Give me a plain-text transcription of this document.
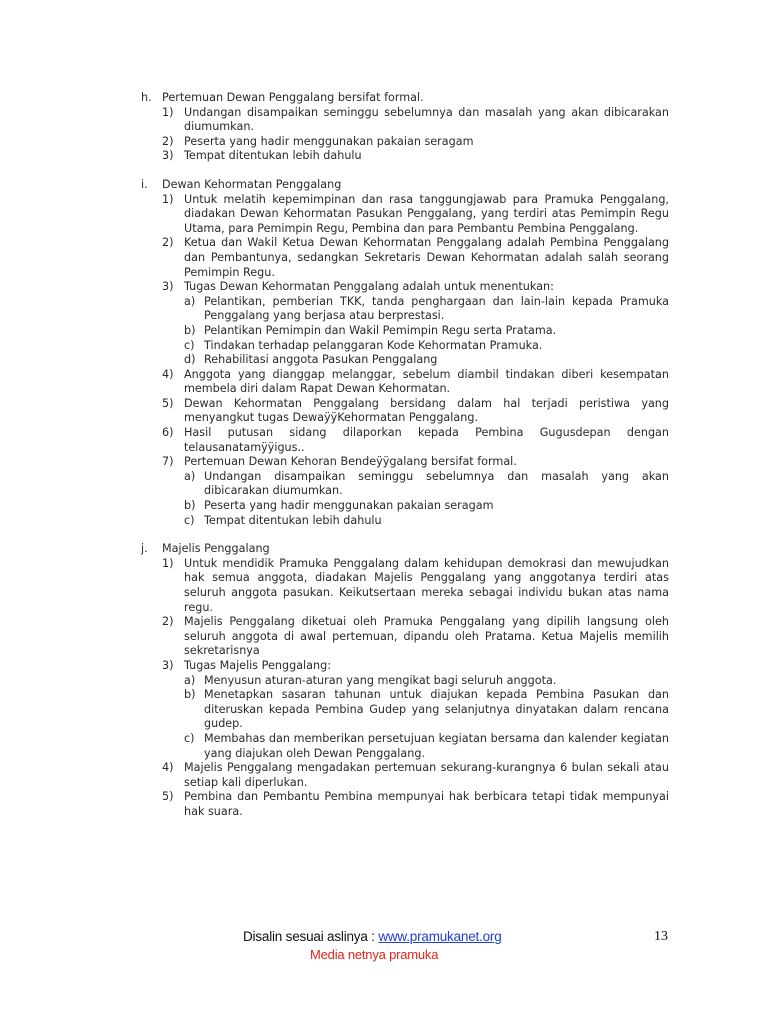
h. Pertemuan Dewan Penggalang bersifat formal.
1) Undangan disampaikan seminggu sebelumnya dan masalah yang akan dibicarakan diumumkan.
2) Peserta yang hadir menggunakan pakaian seragam
3) Tempat ditentukan lebih dahulu
i.	Dewan Kehormatan Penggalang
1) Untuk melatih kepemimpinan dan rasa tanggungjawab para Pramuka Penggalang, diadakan Dewan Kehormatan Pasukan Penggalang, yang terdiri atas Pemimpin Regu Utama, para Pemimpin Regu, Pembina dan para Pembantu Pembina Penggalang.
2) Ketua dan Wakil Ketua Dewan Kehormatan Penggalang adalah Pembina Penggalang dan Pembantunya, sedangkan Sekretaris Dewan Kehormatan adalah salah seorang Pemimpin Regu.
3) Tugas Dewan Kehormatan Penggalang adalah untuk menentukan:
a) Pelantikan, pemberian TKK, tanda penghargaan dan lain-lain kepada Pramuka Penggalang yang berjasa atau berprestasi.
b) Pelantikan Pemimpin dan Wakil Pemimpin Regu serta Pratama.
c) Tindakan terhadap pelanggaran Kode Kehormatan Pramuka.
d) Rehabilitasi anggota Pasukan Penggalang
4) Anggota yang dianggap melanggar, sebelum diambil tindakan diberi kesempatan membela diri dalam Rapat Dewan Kehormatan.
5) Dewan Kehormatan Penggalang bersidang dalam hal terjadi peristiwa yang menyangkut tugas DewaÿÿKehormatan Penggalang.
6) Hasil putusan sidang dilaporkan kepada Pembina Gugusdepan dengan telausanatamÿÿigus..
7) Pertemuan Dewan Kehoran Bendeÿÿgalang bersifat formal.
a) Undangan disampaikan seminggu sebelumnya dan masalah yang akan dibicarakan diumumkan.
b) Peserta yang hadir menggunakan pakaian seragam
c) Tempat ditentukan lebih dahulu
j.	Majelis Penggalang
1) Untuk mendidik Pramuka Penggalang dalam kehidupan demokrasi dan mewujudkan hak semua anggota, diadakan Majelis Penggalang yang anggotanya terdiri atas seluruh anggota pasukan. Keikutsertaan mereka sebagai individu bukan atas nama regu.
2) Majelis Penggalang diketuai oleh Pramuka Penggalang yang dipilih langsung oleh seluruh anggota di awal pertemuan, dipandu oleh Pratama. Ketua Majelis memilih sekretarisnya
3) Tugas Majelis Penggalang:
a) Menyusun aturan-aturan yang mengikat bagi seluruh anggota.
b) Menetapkan sasaran tahunan untuk diajukan kepada Pembina Pasukan dan diteruskan kepada Pembina Gudep yang selanjutnya dinyatakan dalam rencana gudep.
c) Membahas dan memberikan persetujuan kegiatan bersama dan kalender kegiatan yang diajukan oleh Dewan Penggalang.
4) Majelis Penggalang mengadakan pertemuan sekurang-kurangnya 6 bulan sekali atau setiap kali diperlukan.
5) Pembina dan Pembantu Pembina mempunyai hak berbicara tetapi tidak mempunyai hak suara.
Disalin sesuai aslinya : www.pramukanet.org
Media netnya pramuka
13
